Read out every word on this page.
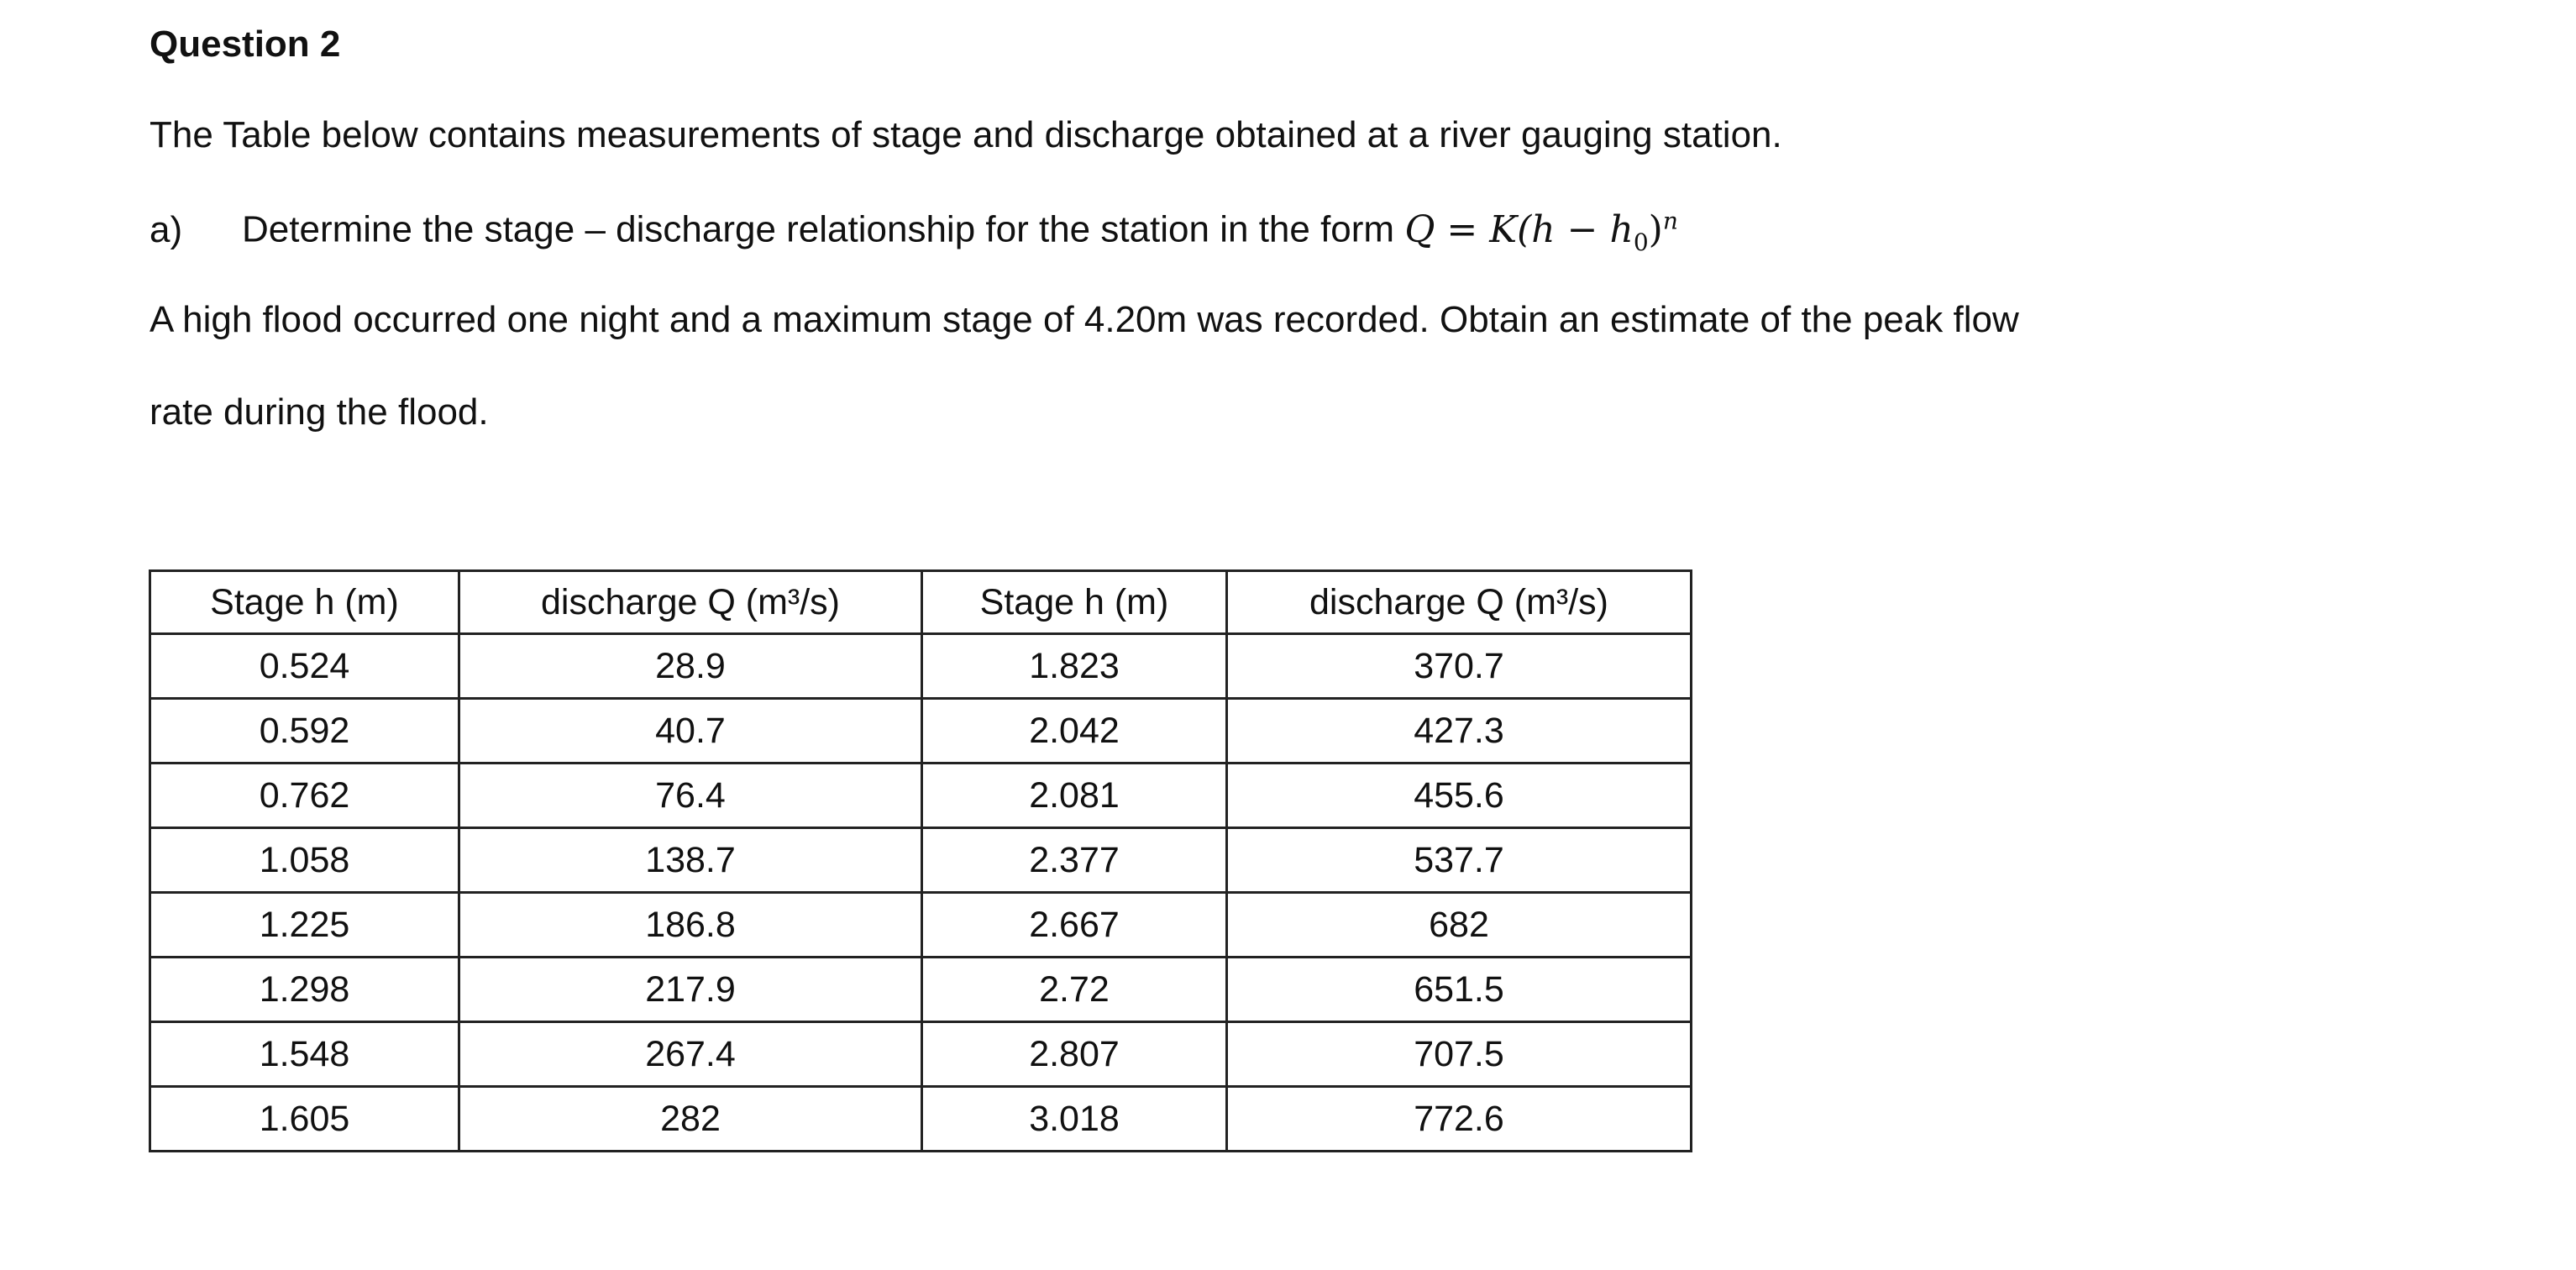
Question 2
The Table below contains measurements of stage and discharge obtained at a river gauging station.
a) Determine the stage – discharge relationship for the station in the form $Q = K(h - h_0)^n$
A high flood occurred one night and a maximum stage of 4.20m was recorded. Obtain an estimate of the peak flow
rate during the flood.
Stage h (m)	discharge Q (m³/s)	Stage h (m)	discharge Q (m³/s)
0.524	28.9	1.823	370.7
0.592	40.7	2.042	427.3
0.762	76.4	2.081	455.6
1.058	138.7	2.377	537.7
1.225	186.8	2.667	682
1.298	217.9	2.72	651.5
1.548	267.4	2.807	707.5
1.605	282	3.018	772.6
